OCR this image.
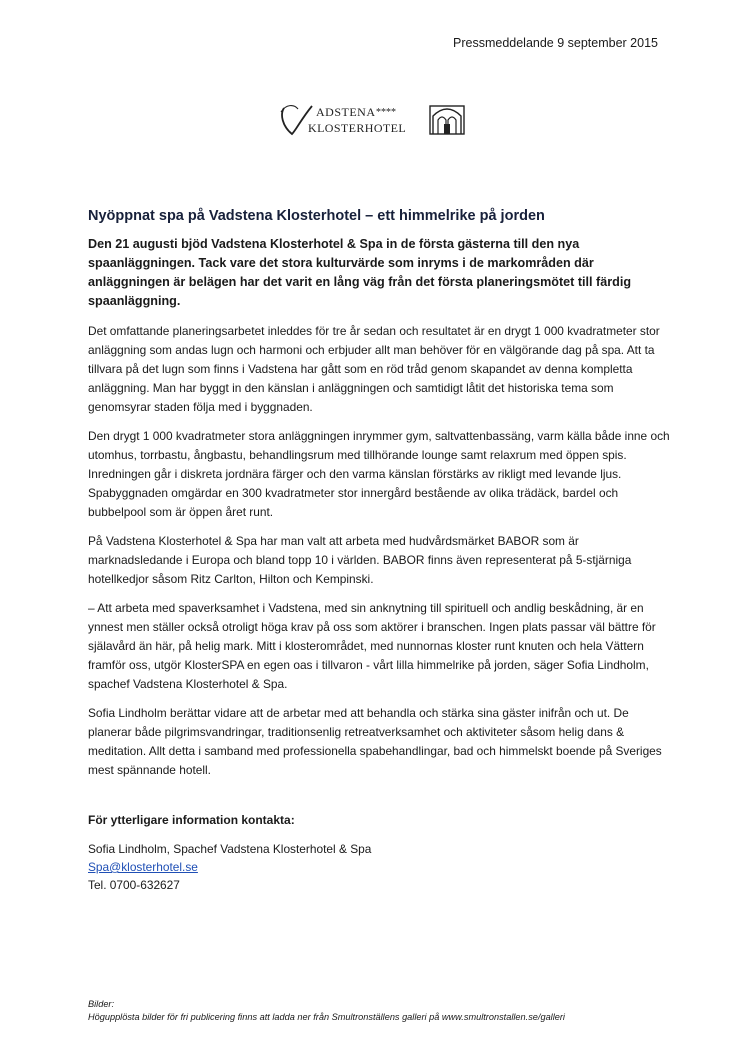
Pressmeddelande 9 september 2015
ADSTENA ****
KLOSTERHOTEL
Nyöppnat spa på Vadstena Klosterhotel – ett himmelrike på jorden

Den 21 augusti bjöd Vadstena Klosterhotel & Spa in de första gästerna till den nya spaanläggningen. Tack vare det stora kulturvärde som inryms i de markområden där anläggningen är belägen har det varit en lång väg från det första planeringsmötet till färdig spaanläggning.

Det omfattande planeringsarbetet inleddes för tre år sedan och resultatet är en drygt 1 000 kvadratmeter stor anläggning som andas lugn och harmoni och erbjuder allt man behöver för en välgörande dag på spa. Att ta tillvara på det lugn som finns i Vadstena har gått som en röd tråd genom skapandet av denna kompletta anläggning. Man har byggt in den känslan i anläggningen och samtidigt låtit det historiska tema som genomsyrar staden följa med i byggnaden.

Den drygt 1 000 kvadratmeter stora anläggningen inrymmer gym, saltvattenbassäng, varm källa både inne och utomhus, torrbastu, ångbastu, behandlingsrum med tillhörande lounge samt relaxrum med öppen spis. Inredningen går i diskreta jordnära färger och den varma känslan förstärks av rikligt med levande ljus. Spabyggnaden omgärdar en 300 kvadratmeter stor innergård bestående av olika trädäck, bardel och bubbelpool som är öppen året runt.

På Vadstena Klosterhotel & Spa har man valt att arbeta med hudvårdsmärket BABOR som är marknadsledande i Europa och bland topp 10 i världen. BABOR finns även representerat på 5-stjärniga hotellkedjor såsom Ritz Carlton, Hilton och Kempinski.

– Att arbeta med spaverksamhet i Vadstena, med sin anknytning till spirituell och andlig beskådning, är en ynnest men ställer också otroligt höga krav på oss som aktörer i branschen. Ingen plats passar väl bättre för själavård än här, på helig mark. Mitt i klosterområdet, med nunnornas kloster runt knuten och hela Vättern framför oss, utgör KlosterSPA en egen oas i tillvaron - vårt lilla himmelrike på jorden, säger Sofia Lindholm, spachef Vadstena Klosterhotel & Spa.

Sofia Lindholm berättar vidare att de arbetar med att behandla och stärka sina gäster inifrån och ut. De planerar både pilgrimsvandringar, traditionsenlig retreatverksamhet och aktiviteter såsom helig dans & meditation. Allt detta i samband med professionella spabehandlingar, bad och himmelskt boende på Sveriges mest spännande hotell.

För ytterligare information kontakta:
Sofia Lindholm, Spachef Vadstena Klosterhotel & Spa
Spa@klosterhotel.se
Tel. 0700-632627
Bilder:
Högupplösta bilder för fri publicering finns att ladda ner från Smultronställens galleri på www.smultronstallen.se/galleri
